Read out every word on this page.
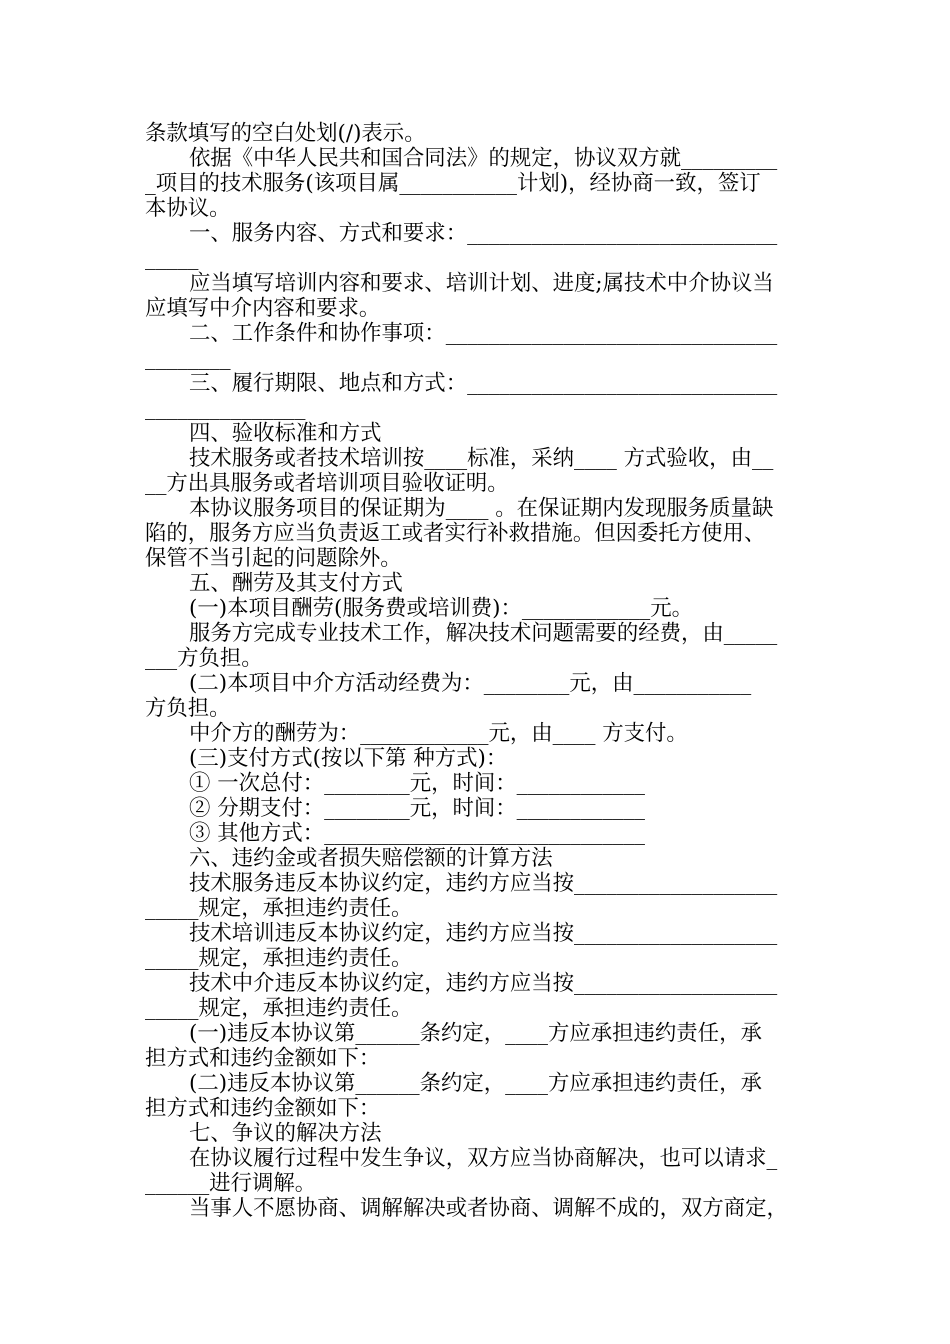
条款填写的空白处划(/)表示。
依据《中华人民共和国合同法》的规定，协议双方就_________
_项目的技术服务(该项目属___________计划)，经协商一致，签订
本协议。
一、服务内容、方式和要求：_____________________________
_____
应当填写培训内容和要求、培训计划、进度;属技术中介协议当
应填写中介内容和要求。
二、工作条件和协作事项：_______________________________
________
三、履行期限、地点和方式：_____________________________
_______________
四、验收标准和方式
技术服务或者技术培训按____标准，采纳____ 方式验收，由__
__方出具服务或者培训项目验收证明。
本协议服务项目的保证期为____ 。在保证期内发现服务质量缺
陷的，服务方应当负责返工或者实行补救措施。但因委托方使用、
保管不当引起的问题除外。
五、酬劳及其支付方式
(一)本项目酬劳(服务费或培训费)：____________元。
服务方完成专业技术工作，解决技术问题需要的经费，由_____
___方负担。
(二)本项目中介方活动经费为：________元，由___________
方负担。
中介方的酬劳为：____________元，由____ 方支付。
(三)支付方式(按以下第 种方式)：
① 一次总付：________元，时间：____________
② 分期支付：________元，时间：____________
③ 其他方式：______________________________
六、违约金或者损失赔偿额的计算方法
技术服务违反本协议约定，违约方应当按___________________
_____规定，承担违约责任。
技术培训违反本协议约定，违约方应当按___________________
_____规定，承担违约责任。
技术中介违反本协议约定，违约方应当按___________________
_____规定，承担违约责任。
(一)违反本协议第______条约定，____方应承担违约责任，承
担方式和违约金额如下：
(二)违反本协议第______条约定，____方应承担违约责任，承
担方式和违约金额如下：
七、争议的解决方法
在协议履行过程中发生争议，双方应当协商解决，也可以请求_
______进行调解。
当事人不愿协商、调解解决或者协商、调解不成的，双方商定，
